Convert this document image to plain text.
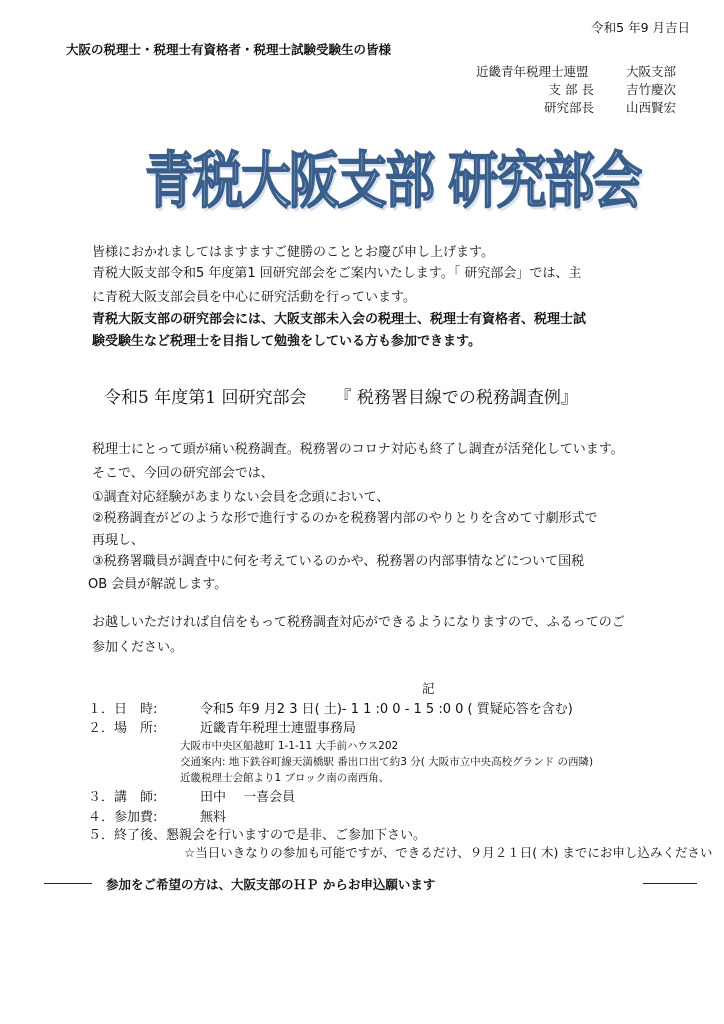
令和5 年9 月吉日
大阪の税理士・税理士有資格者・税理士試験受験生の皆様
近畿青年税理士連盟	大阪支部
支 部 長	吉竹慶次
研究部長	山西賢宏
青税大阪支部 研究部会
皆様におかれましてはますますご健勝のこととお慶び申し上げます。
青税大阪支部令和5 年度第1 回研究部会をご案内いたします。「 研究部会」では、主
に青税大阪支部会員を中心に研究活動を行っています。
青税大阪支部の研究部会には、大阪支部未入会の税理士、税理士有資格者、税理士試
験受験生など税理士を目指して勉強をしている方も参加できます。
令和5 年度第1 回研究部会 『 税務署目線での税務調査例』
税理士にとって頭が痛い税務調査。税務署のコロナ対応も終了し調査が活発化しています。
そこで、今回の研究部会では、
①調査対応経験があまりない会員を念頭において、
②税務調査がどのような形で進行するのかを税務署内部のやりとりを含めて寸劇形式で
再現し、
③税務署職員が調査中に何を考えているのかや、税務署の内部事情などについて国税
OB 会員が解説します。
お越しいただければ自信をもって税務調査対応ができるようになりますので、ふるってのご
参加ください。
記
１．日　時:	令和5 年9 月2 3 日( 土)- 1 1 :0 0 - 1 5 :0 0 ( 質疑応答を含む)
２．場　所:	近畿青年税理士連盟事務局
大阪市中央区船越町 1-1-11 大手前ハウス202
交通案内: 地下鉄谷町線天満橋駅 番出口出て約3 分( 大阪市立中央高校グランド の西隣)
近畿税理士会館より1 ブロック南の南西角、
３．講　師:	田中　 一喜会員
４．参加費:	無料
５．終了後、懇親会を行いますので是非、ご参加下さい。
☆当日いきなりの参加も可能ですが、できるだけ、９月２１日( 木) までにお申し込みください
参加をご希望の方は、大阪支部のＨＰ からお申込願います
